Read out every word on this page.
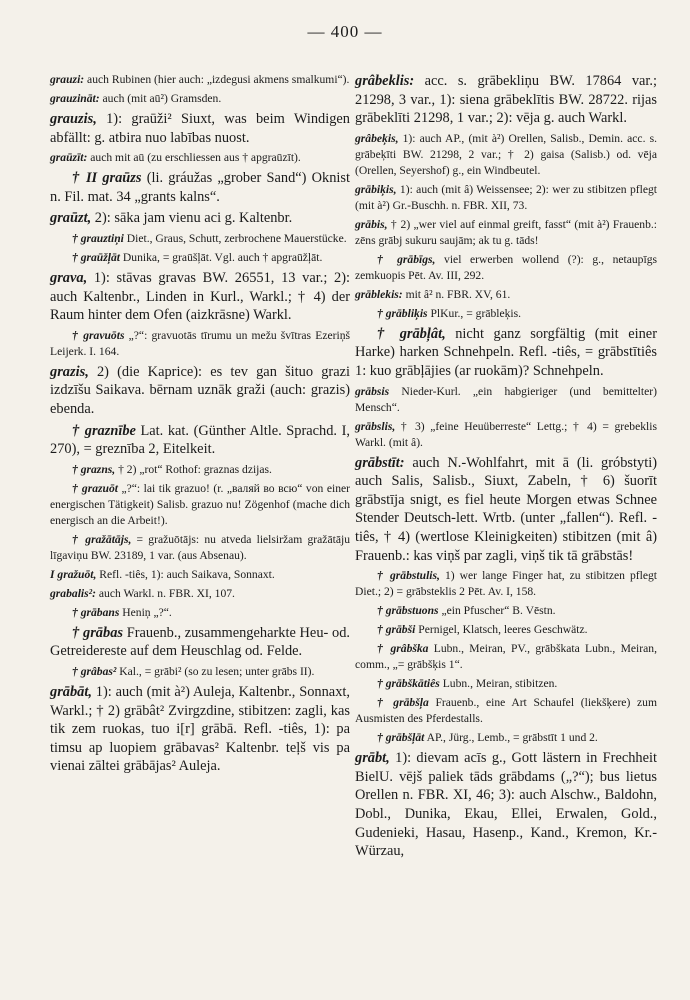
— 400 —

grauzi: auch Rubinen (hier auch: „izdegusi akmens smalkumi“).

grauzināt: auch (mit aū²) Gramsden.

grauzis, 1): graūži² Siuxt, was beim Windigen abfällt: g. atbira nuo labības nuost.

graūzīt: auch mit aū (zu erschliessen aus † apgraūzīt).

† II graūzs (li. gráužas „grober Sand“) Oknist n. Fil. mat. 34 „grants kalns“.

graūzt, 2): sāka jam vienu aci g. Kaltenbr.

† grauztiņi Diet., Graus, Schutt, zerbrochene Mauerstücke.

† graūžļāt Dunika, = graūšļāt. Vgl. auch † apgraūžļāt.

grava, 1): stāvas gravas BW. 26551, 13 var.; 2): auch Kaltenbr., Linden in Kurl., Warkl.; † 4) der Raum hinter dem Ofen (aizkrāsne) Warkl.

† gravuōts „?“: gravuotās tīrumu un mežu švītras Ezeriņš Leijerk. I. 164.

grazis, 2) (die Kaprice): es tev gan šituo grazi izdzīšu Saikava. bērnam uznāk graži (auch: grazis) ebenda.

† graznībe Lat. kat. (Günther Altle. Sprachd. I, 270), = greznība 2, Eitelkeit.

† grazns, † 2) „rot“ Rothof: graznas dzijas.

† grazuōt „?“: lai tik grazuo! (r. „валяй во всю“ von einer energischen Tätigkeit) Salisb. grazuo nu! Zögenhof (mache dich energisch an die Arbeit!).

† gražātājs, = gražuōtājs: nu atveda lielsiržam gražātāju līgaviņu BW. 23189, 1 var. (aus Absenau).

I gražuōt, Refl. -tiês, 1): auch Saikava, Sonnaxt.

grabalis²: auch Warkl. n. FBR. XI, 107.

† grābans Heniņ „?“.

† grābas Frauenb., zusammengeharkte Heu- od. Getreidereste auf dem Heuschlag od. Felde.

† grâbas² Kal., = grābi² (so zu lesen; unter grābs II).

grābāt, 1): auch (mit à²) Auleja, Kaltenbr., Sonnaxt, Warkl.; † 2) grābât² Zvirgzdine, stibitzen: zagli, kas tik zem ruokas, tuo i[r] grābā. Refl. -tiês, 1): pa timsu ap luopiem grābavas² Kaltenbr. teļš vis pa vienai zāltei grābājas² Auleja.

grâbeklis: acc. s. grābekliņu BW. 17864 var.; 21298, 3 var., 1): siena grābeklītis BW. 28722. rijas grābeklīti 21298, 1 var.; 2): vēja g. auch Warkl.

grâbeķis, 1): auch AP., (mit à²) Orellen, Salisb., Demin. acc. s. grābeķīti BW. 21298, 2 var.; † 2) gaisa (Salisb.) od. vēja (Orellen, Seyershof) g., ein Windbeutel.

grābiķis, 1): auch (mit â) Weissensee; 2): wer zu stibitzen pflegt (mit à²) Gr.-Buschh. n. FBR. XII, 73.

grābis, † 2) „wer viel auf einmal greift, fasst“ (mit à²) Frauenb.: zēns grābj sukuru saujām; ak tu g. tāds!

† grābīgs, viel erwerben wollend (?): g., netaupīgs zemkuopis Pēt. Av. III, 292.

grāblekis: mit â² n. FBR. XV, 61.

† grābliķis PlKur., = grābleķis.

† grābļât, nicht ganz sorgfältig (mit einer Harke) harken Schnehpeln. Refl. -tiês, = grābstītiês 1: kuo grābļājies (ar ruokām)? Schnehpeln.

grābsis Nieder-Kurl. „ein habgieriger (und bemittelter) Mensch“.

grābslis, † 3) „feine Heuüberreste“ Lettg.; † 4) = grebeklis Warkl. (mit â).

grābstīt: auch N.-Wohlfahrt, mit ā (li. gróbstyti) auch Salis, Salisb., Siuxt, Zabeln, † 6) šuorīt grābstīja snigt, es fiel heute Morgen etwas Schnee Stender Deutsch-lett. Wrtb. (unter „fallen“). Refl. -tiês, † 4) (wertlose Kleinigkeiten) stibitzen (mit â) Frauenb.: kas viņš par zagli, viņš tik tā grābstās!

† grābstulis, 1) wer lange Finger hat, zu stibitzen pflegt Diet.; 2) = grābsteklis 2 Pēt. Av. I, 158.

† grābstuons „ein Pfuscher“ B. Vēstn.

† grābši Pernigel, Klatsch, leeres Geschwätz.

† grâbška Lubn., Meiran, PV., grābškata Lubn., Meiran, comm., „= grābšķis 1“.

† grābškātiês Lubn., Meiran, stibitzen.

† grābšļa Frauenb., eine Art Schaufel (liekšķere) zum Ausmisten des Pferdestalls.

† grābšļāt AP., Jürg., Lemb., = grābstīt 1 und 2.

grābt, 1): dievam acīs g., Gott lästern in Frechheit BielU. vējš paliek tāds grābdams („?“); bus lietus Orellen n. FBR. XI, 46; 3): auch Alschw., Baldohn, Dobl., Dunika, Ekau, Ellei, Erwalen, Gold., Gudenieki, Hasau, Hasenp., Kand., Kremon, Kr.-Würzau,
